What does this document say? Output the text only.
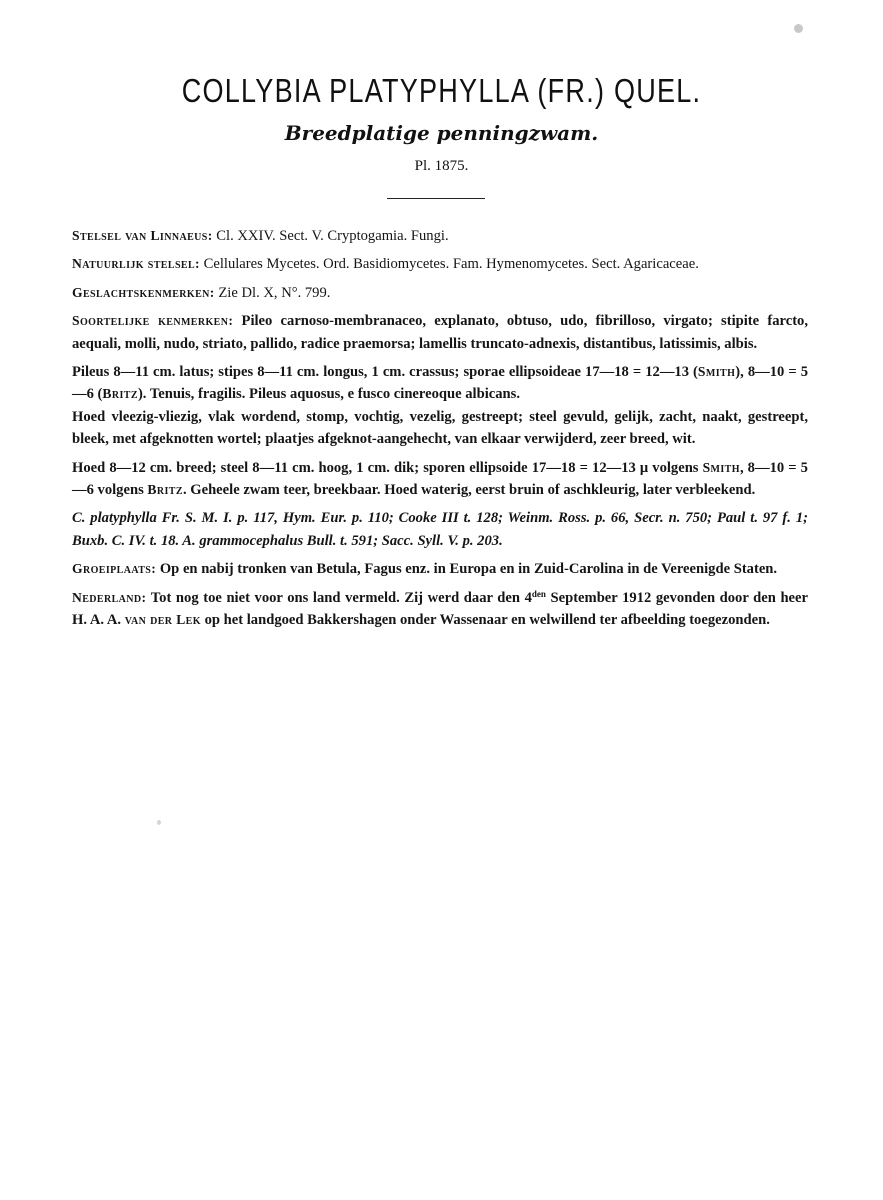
COLLYBIA PLATYPHYLLA (FR.) QUEL.
Breedplatige penningzwam.
Pl. 1875.

Stelsel van Linnaeus: Cl. XXIV. Sect. V. Cryptogamia. Fungi.

Natuurlijk stelsel: Cellulares Mycetes. Ord. Basidiomycetes. Fam. Hymenomycetes. Sect. Agaricaceae.

Geslachtskenmerken: Zie Dl. X, N°. 799.

Soortelijke kenmerken: Pileo carnoso-membranaceo, explanato, obtuso, udo, fibrilloso, virgato; stipite farcto, aequali, molli, nudo, striato, pallido, radice praemorsa; lamellis truncato-adnexis, distantibus, latissimis, albis.

Pileus 8—11 cm. latus; stipes 8—11 cm. longus, 1 cm. crassus; sporae ellipsoideae 17—18 = 12—13 (Smith), 8—10 = 5—6 (Britz). Tenuis, fragilis. Pileus aquosus, e fusco cinereoque albicans.

Hoed vleezig-vliezig, vlak wordend, stomp, vochtig, vezelig, gestreept; steel gevuld, gelijk, zacht, naakt, gestreept, bleek, met afgeknotten wortel; plaatjes afgeknot-aangehecht, van elkaar verwijderd, zeer breed, wit.

Hoed 8—12 cm. breed; steel 8—11 cm. hoog, 1 cm. dik; sporen ellipsoide 17—18 = 12—13 μ volgens Smith, 8—10 = 5—6 volgens Britz. Geheele zwam teer, breekbaar. Hoed waterig, eerst bruin of aschkleurig, later verbleekend.

C. platyphylla Fr. S. M. I. p. 117, Hym. Eur. p. 110; Cooke III t. 128; Weinm. Ross. p. 66, Secr. n. 750; Paul t. 97 f. 1; Buxb. C. IV. t. 18. A. grammocephalus Bull. t. 591; Sacc. Syll. V. p. 203.

Groeiplaats: Op en nabij tronken van Betula, Fagus enz. in Europa en in Zuid-Carolina in de Vereenigde Staten.

Nederland: Tot nog toe niet voor ons land vermeld. Zij werd daar den $4^{den}$ September 1912 gevonden door den heer H. A. A. van der Lek op het landgoed Bakkershagen onder Wassenaar en welwillend ter afbeelding toegezonden.
